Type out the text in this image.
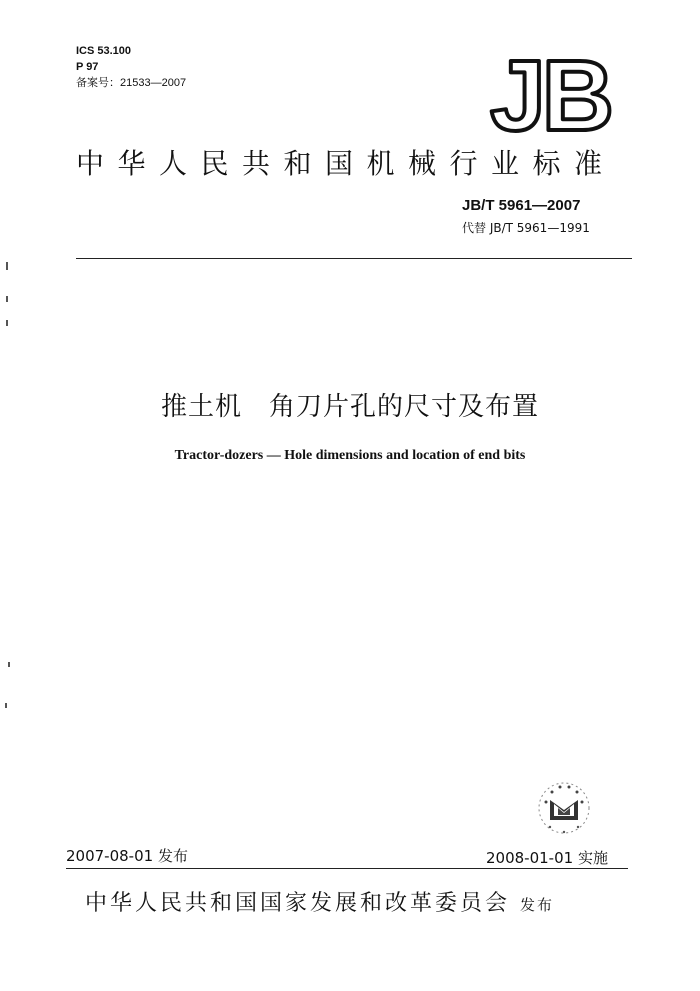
ICS 53.100
P 97
备案号：21533—2007	JB
中华人民共和国机械行业标准
JB/T 5961—2007
代替 JB/T 5961—1991
推土机　角刀片孔的尺寸及布置
Tractor-dozers — Hole dimensions and location of end bits
2007-08-01 发布	2008-01-01 实施
中华人民共和国国家发展和改革委员会 发布
